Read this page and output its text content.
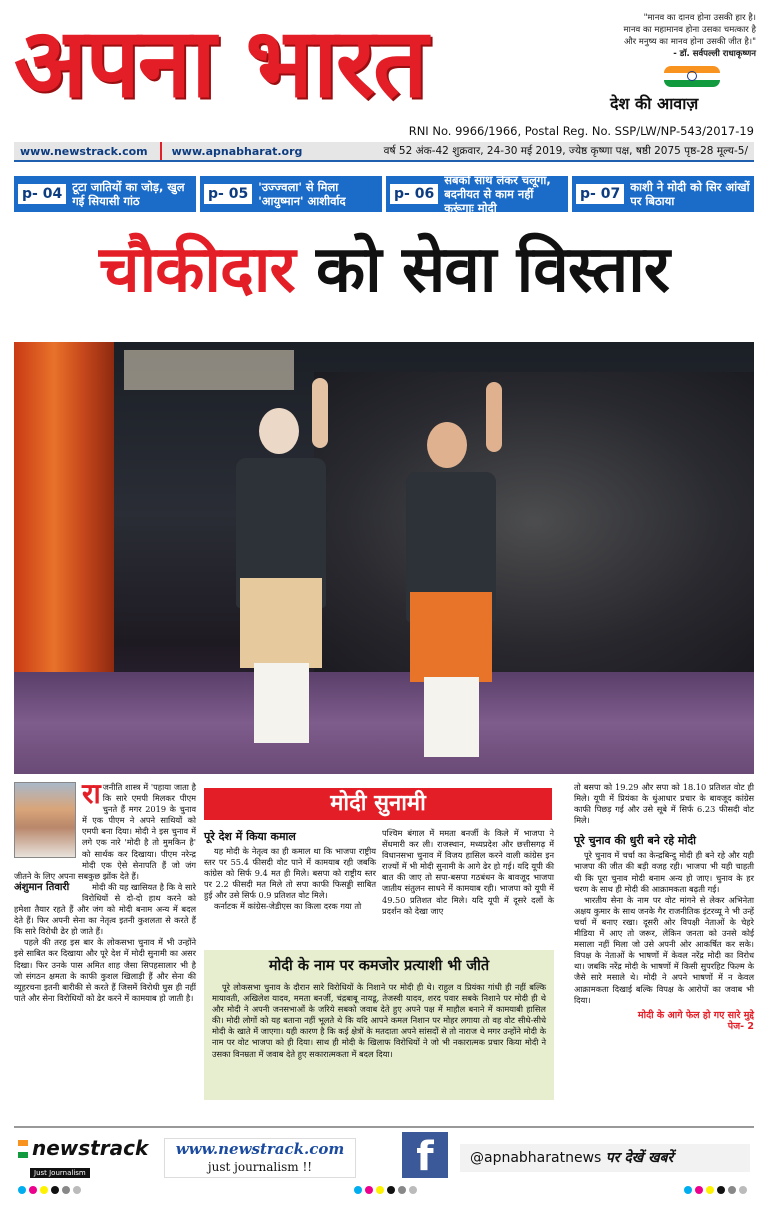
अपना भारत	"मानव का दानव होना उसकी हार है।
मानव का महामानव होना उसका चमत्कार है
और मनुष्य का मानव होना उसकी जीत है।"
- डॉ. सर्वपल्ली राधाकृष्णन
देश की आवाज़
RNI No. 9966/1966, Postal Reg. No. SSP/LW/NP-543/2017-19
www.newstrack.com	www.apnabharat.org	वर्ष 52 अंक-42 शुक्रवार, 24-30 मई 2019, ज्येष्ठ कृष्णा पक्ष, षष्ठी 2075 पृष्ठ-28 मूल्य-5/
p- 04 टूटा जातियों का जोड़, खुल गई सियासी गांठ	p- 05 'उज्ज्वला' से मिला 'आयुष्मान' आशीर्वाद	p- 06
सबको साथ लेकर चलूंगा, बदनीयत से काम नहीं करूंगाः मोदी
p- 07 काशी ने मोदी को सिर आंखों पर बिठाया
चौकीदार को सेवा विस्तार
रा जनीति शास्त्र में 'पहाया जाता है कि सारे एमपी मिलकर पीएम चुनते हैं मगर 2019 के चुनाव में एक पीएम ने अपने साथियों को एमपी बना दिया। मोदी ने इस चुनाव में लगे एक नारे 'मोदी है तो मुमकिन है' को सार्थक कर दिखाया। पीएम नरेन्द्र मोदी एक ऐसे सेनापति हैं जो जंग जीतने के लिए अपना सबकुछ झोंक देते हैं।

अंशुमान तिवारी	मोदी की यह खासियत है कि वे सारे विरोधियों से दो-दो हाथ करने को हमेशा तैयार रहते हैं और जंग को मोदी बनाम अन्य में बदल देते हैं। फिर अपनी सेना का नेतृत्व इतनी कुशलता से करते हैं कि सारे विरोधी ढेर हो जाते हैं।

पहले की तरह इस बार के लोकसभा चुनाव में भी उन्होंने इसे साबित कर दिखाया और पूरे देश में मोदी सुनामी का असर दिखा। फिर उनके पास अमित शाह जैसा सिपहसालार भी है जो संगठन क्षमता के काफी कुशल खिलाड़ी हैं और सेना की व्यूहरचना इतनी बारीकी से करते हैं जिसमें विरोधी घुस ही नहीं पाते और सेना विरोधियों को ढेर करने में कामयाब हो जाती है।

मोदी सुनामी
पूरे देश में किया कमाल

यह मोदी के नेतृत्व का ही कमाल था कि भाजपा राष्ट्रीय स्तर पर 55.4 फीसदी वोट पाने में कामयाब रही जबकि कांग्रेस को सिर्फ 9.4 मत ही मिले। बसपा को राष्ट्रीय स्तर पर 2.2 फीसदी मत मिले तो सपा काफी फिसड्डी साबित हुई और उसे सिर्फ 0.9 प्रतिशत वोट मिले।

कर्नाटक में कांग्रेस-जेडीएस का किला दरक गया तो

पश्चिम बंगाल में ममता बनर्जी के किले में भाजपा ने सेंधमारी कर ली। राजस्थान, मध्यप्रदेश और छत्तीसगढ़ में विधानसभा चुनाव में विजय हासिल करने वाली कांग्रेस इन राज्यों में भी मोदी सुनामी के आगे ढेर हो गई। यदि यूपी की बात की जाए तो सपा-बसपा गठबंधन के बावजूद भाजपा जातीय संतुलन साधने में कामयाब रही। भाजपा को यूपी में 49.50 प्रतिशत वोट मिले। यदि यूपी में दूसरे दलों के प्रदर्शन को देखा जाए

मोदी के नाम पर कमजोर प्रत्याशी भी जीते

पूरे लोकसभा चुनाव के दौरान सारे विरोधियों के निशाने पर मोदी ही थे। राहुल व प्रियंका गांधी ही नहीं बल्कि मायावती, अखिलेश यादव, ममता बनर्जी, चंद्रबाबू नायडू, तेजस्वी यादव, शरद पवार सबके निशाने पर मोदी ही थे और मोदी ने अपनी जनसभाओं के जरिये सबको जवाब देते हुए अपने पक्ष में माहौल बनाने में कामयाबी हासिल की। मोदी लोगों को यह बताना नहीं भूलते थे कि यदि आपने कमल निशान पर मोहर लगाया तो वह वोट सीधे-सीधे मोदी के खाते में जाएगा। यही कारण है कि कई क्षेत्रों के मतदाता अपने सांसदों से तो नाराज थे मगर उन्होंने मोदी के नाम पर वोट भाजपा को ही दिया। साथ ही मोदी के खिलाफ विरोधियों ने जो भी नकारात्मक प्रचार किया मोदी ने उसका विनम्रता में जवाब देते हुए सकारात्मकता में बदल दिया।

तो बसपा को 19.29 और सपा को 18.10 प्रतिशत वोट ही मिले। यूपी में प्रियंका के धुंआधार प्रचार के बावजूद कांग्रेस काफी पिछड़ गई और उसे सूबे में सिर्फ 6.23 फीसदी वोट मिले।

पूरे चुनाव की धुरी बने रहे मोदी

पूरे चुनाव में चर्चा का केन्द्रबिन्दु मोदी ही बने रहे और यही भाजपा की जीत की बड़ी वजह रही। भाजपा भी यही चाहती थी कि पूरा चुनाव मोदी बनाम अन्य हो जाए। चुनाव के हर चरण के साथ ही मोदी की आक्रामकता बढ़ती गई।

भारतीय सेना के नाम पर वोट मांगने से लेकर अभिनेता अक्षय कुमार के साथ जनके गैर राजनीतिक इंटरव्यू ने भी उन्हें चर्चा में बनाए रखा। दूसरी ओर विपक्षी नेताओं के चेहरे मीडिया में आए तो जरूर, लेकिन जनता को उनसे कोई मसाला नहीं मिला जो उसे अपनी ओर आकर्षित कर सके। विपक्ष के नेताओं के भाषणों में केवल नरेंद्र मोदी का विरोध था। जबकि नरेंद्र मोदी के भाषणों में किसी सुपरहिट फिल्म के जैसे सारे मसाले थे। मोदी ने अपने भाषणों में न केवल आक्रामकता दिखाई बल्कि विपक्ष के आरोपों का जवाब भी दिया।

मोदी के आगे फेल हो गए सारे मुद्दे
पेज- 2
newstrack
Just Journalism
www.newstrack.com
just journalism !!	f	@apnabharatnews पर देखें खबरें
